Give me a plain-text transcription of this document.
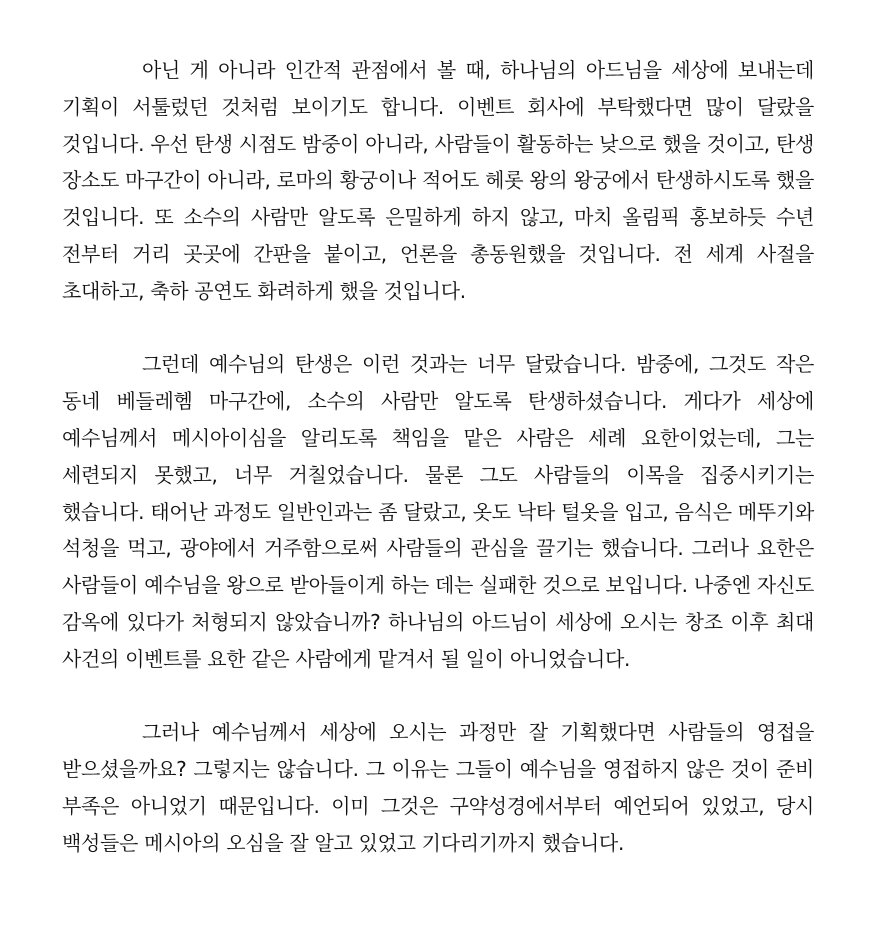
아닌 게 아니라 인간적 관점에서 볼 때, 하나님의 아드님을 세상에 보내는데 기획이 서툴렀던 것처럼 보이기도 합니다. 이벤트 회사에 부탁했다면 많이 달랐을 것입니다. 우선 탄생 시점도 밤중이 아니라, 사람들이 활동하는 낮으로 했을 것이고, 탄생 장소도 마구간이 아니라, 로마의 황궁이나 적어도 헤롯 왕의 왕궁에서 탄생하시도록 했을 것입니다. 또 소수의 사람만 알도록 은밀하게 하지 않고, 마치 올림픽 홍보하듯 수년 전부터 거리 곳곳에 간판을 붙이고, 언론을 총동원했을 것입니다. 전 세계 사절을 초대하고, 축하 공연도 화려하게 했을 것입니다.

그런데 예수님의 탄생은 이런 것과는 너무 달랐습니다. 밤중에, 그것도 작은 동네 베들레헴 마구간에, 소수의 사람만 알도록 탄생하셨습니다. 게다가 세상에 예수님께서 메시아이심을 알리도록 책임을 맡은 사람은 세례 요한이었는데, 그는 세련되지 못했고, 너무 거칠었습니다. 물론 그도 사람들의 이목을 집중시키기는 했습니다. 태어난 과정도 일반인과는 좀 달랐고, 옷도 낙타 털옷을 입고, 음식은 메뚜기와 석청을 먹고, 광야에서 거주함으로써 사람들의 관심을 끌기는 했습니다. 그러나 요한은 사람들이 예수님을 왕으로 받아들이게 하는 데는 실패한 것으로 보입니다. 나중엔 자신도 감옥에 있다가 처형되지 않았습니까? 하나님의 아드님이 세상에 오시는 창조 이후 최대 사건의 이벤트를 요한 같은 사람에게 맡겨서 될 일이 아니었습니다.

그러나 예수님께서 세상에 오시는 과정만 잘 기획했다면 사람들의 영접을 받으셨을까요? 그렇지는 않습니다. 그 이유는 그들이 예수님을 영접하지 않은 것이 준비 부족은 아니었기 때문입니다. 이미 그것은 구약성경에서부터 예언되어 있었고, 당시 백성들은 메시아의 오심을 잘 알고 있었고 기다리기까지 했습니다.
